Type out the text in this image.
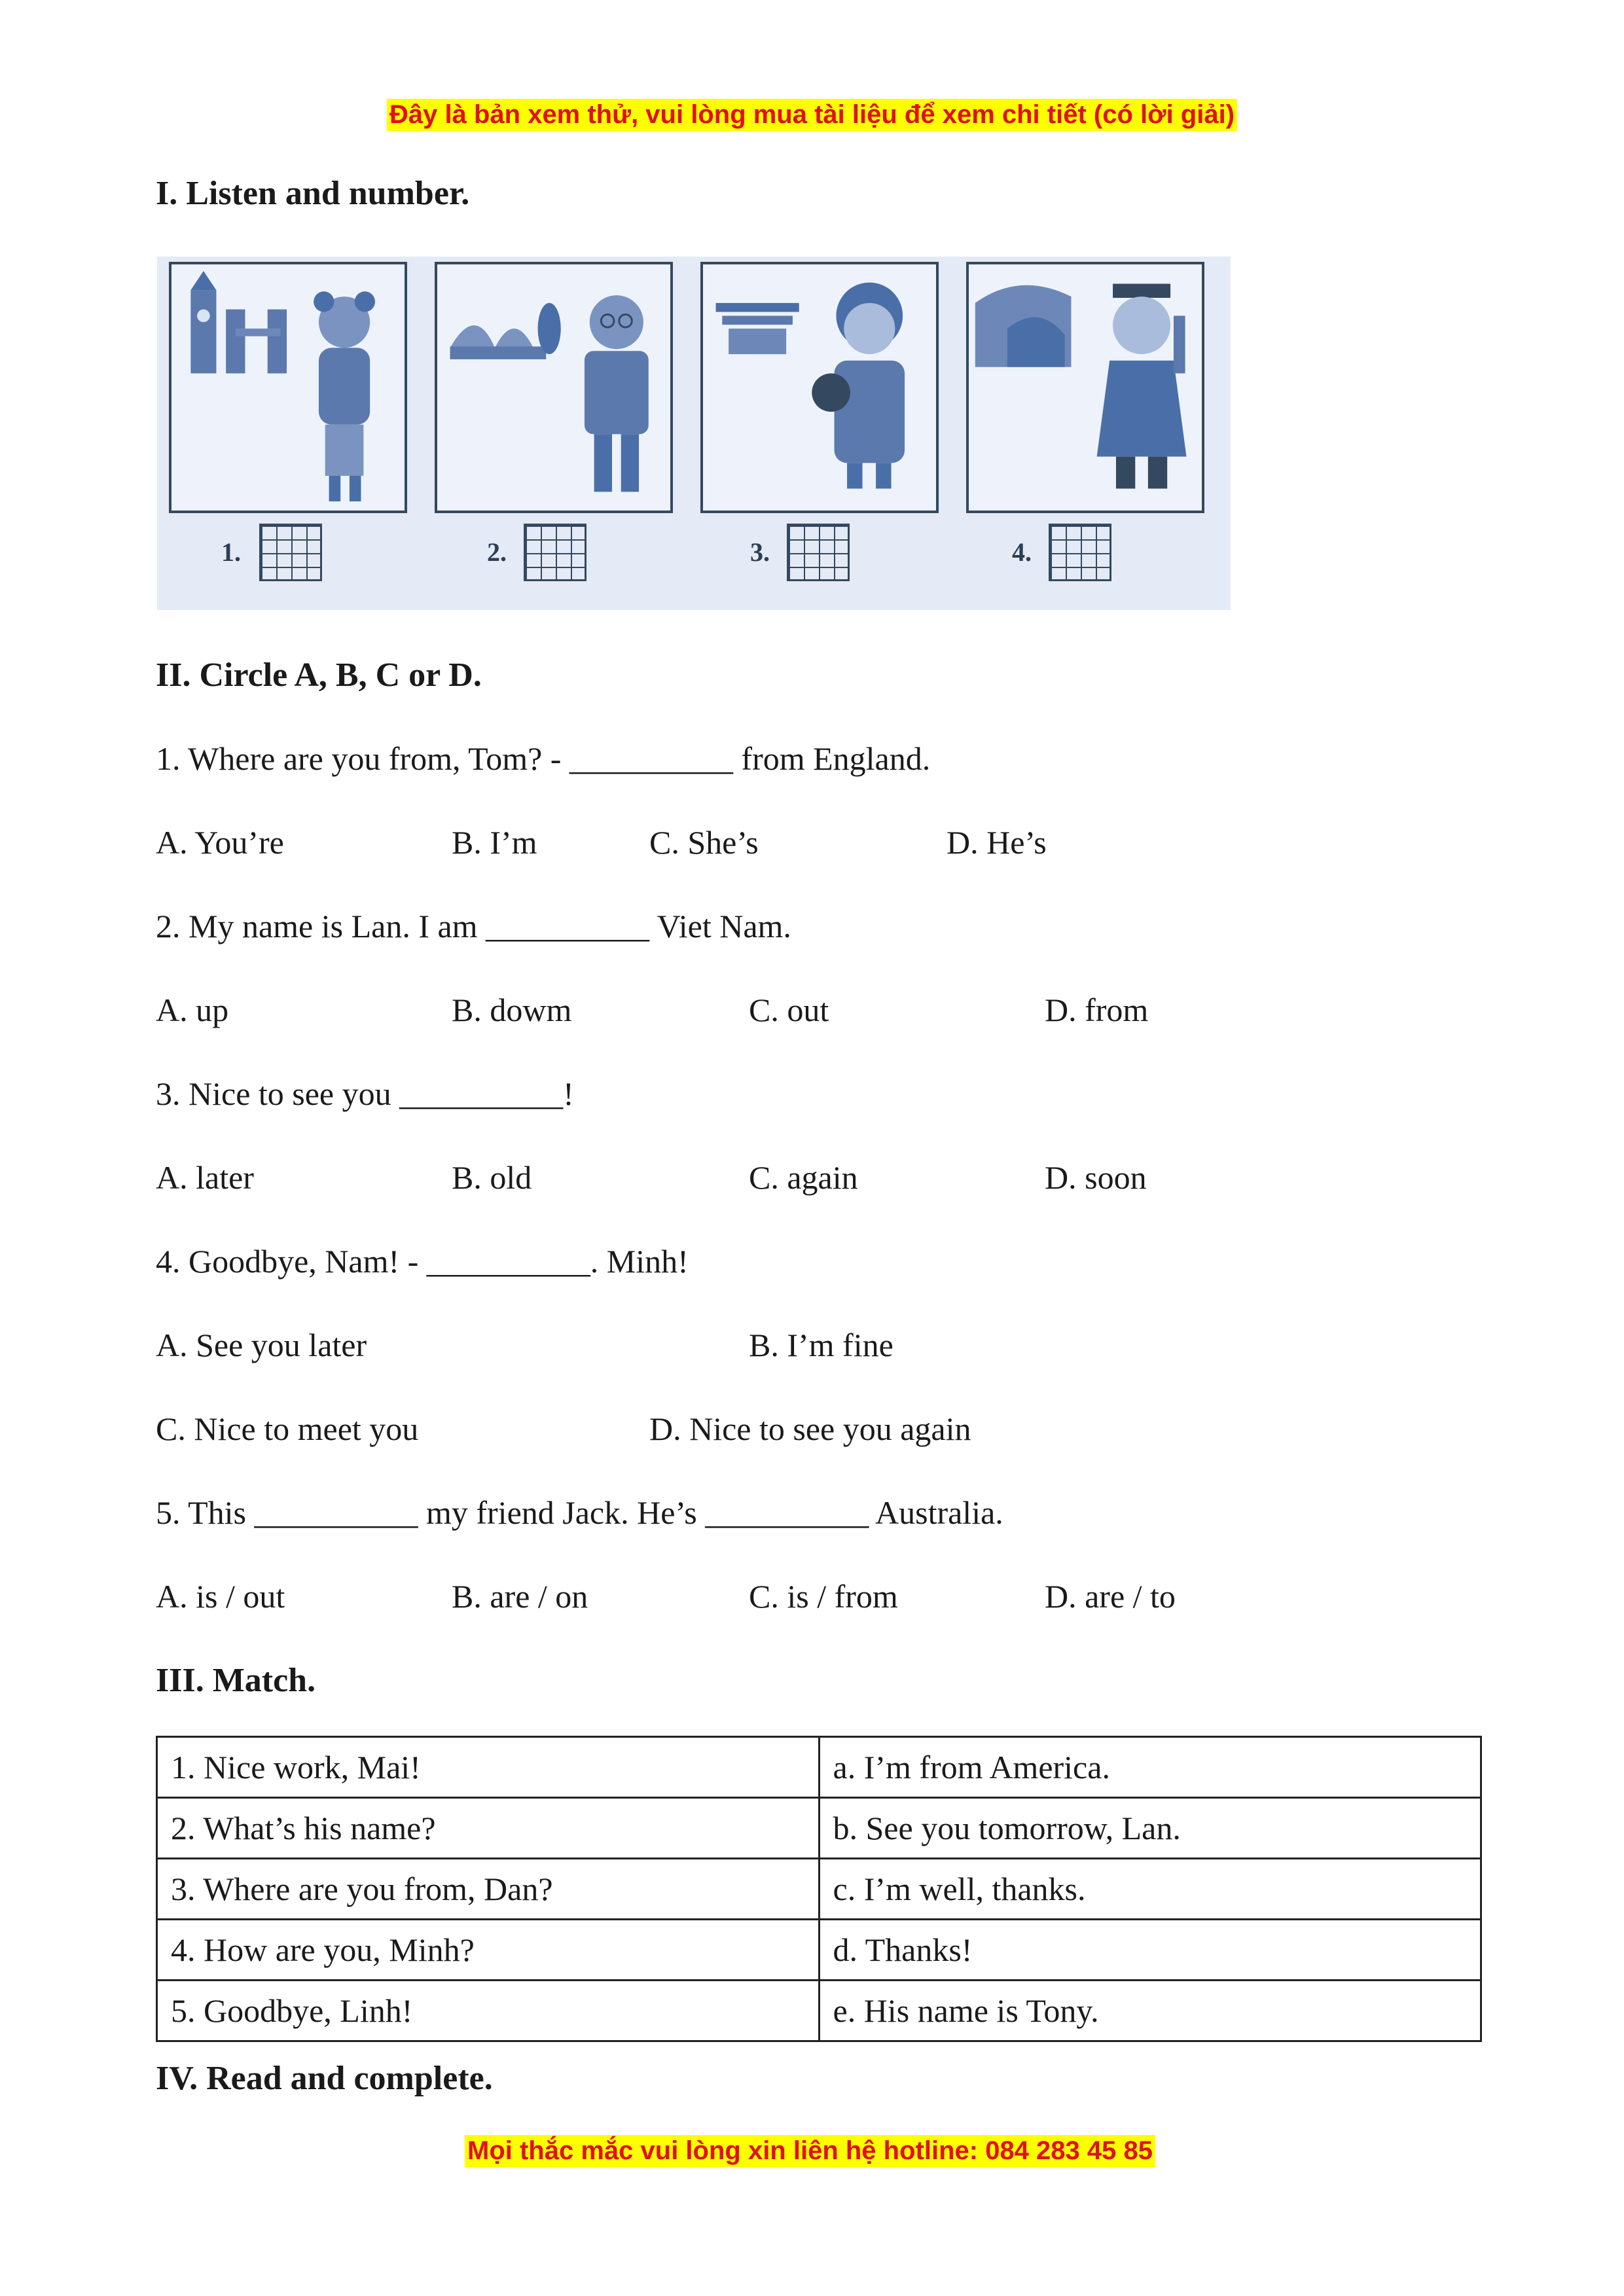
Đây là bản xem thử, vui lòng mua tài liệu để xem chi tiết (có lời giải)
I. Listen and number.
1.	2.	3.	4.
II. Circle A, B, C or D.
1. Where are you from, Tom? - __________ from England.
A. You’re	B. I’m	C. She’s	D. He’s
2. My name is Lan. I am __________ Viet Nam.
A. up	B. dowm	C. out	D. from
3. Nice to see you __________!
A. later	B. old	C. again	D. soon
4. Goodbye, Nam! - __________. Minh!
A. See you later	B. I’m fine
C. Nice to meet you	D. Nice to see you again
5. This __________ my friend Jack. He’s __________ Australia.
A. is / out	B. are / on	C. is / from	D. are / to
III. Match.
1. Nice work, Mai!	a. I’m from America.
2. What’s his name?	b. See you tomorrow, Lan.
3. Where are you from, Dan?	c. I’m well, thanks.
4. How are you, Minh?	d. Thanks!
5. Goodbye, Linh!	e. His name is Tony.
IV. Read and complete.
Mọi thắc mắc vui lòng xin liên hệ hotline: 084 283 45 85
